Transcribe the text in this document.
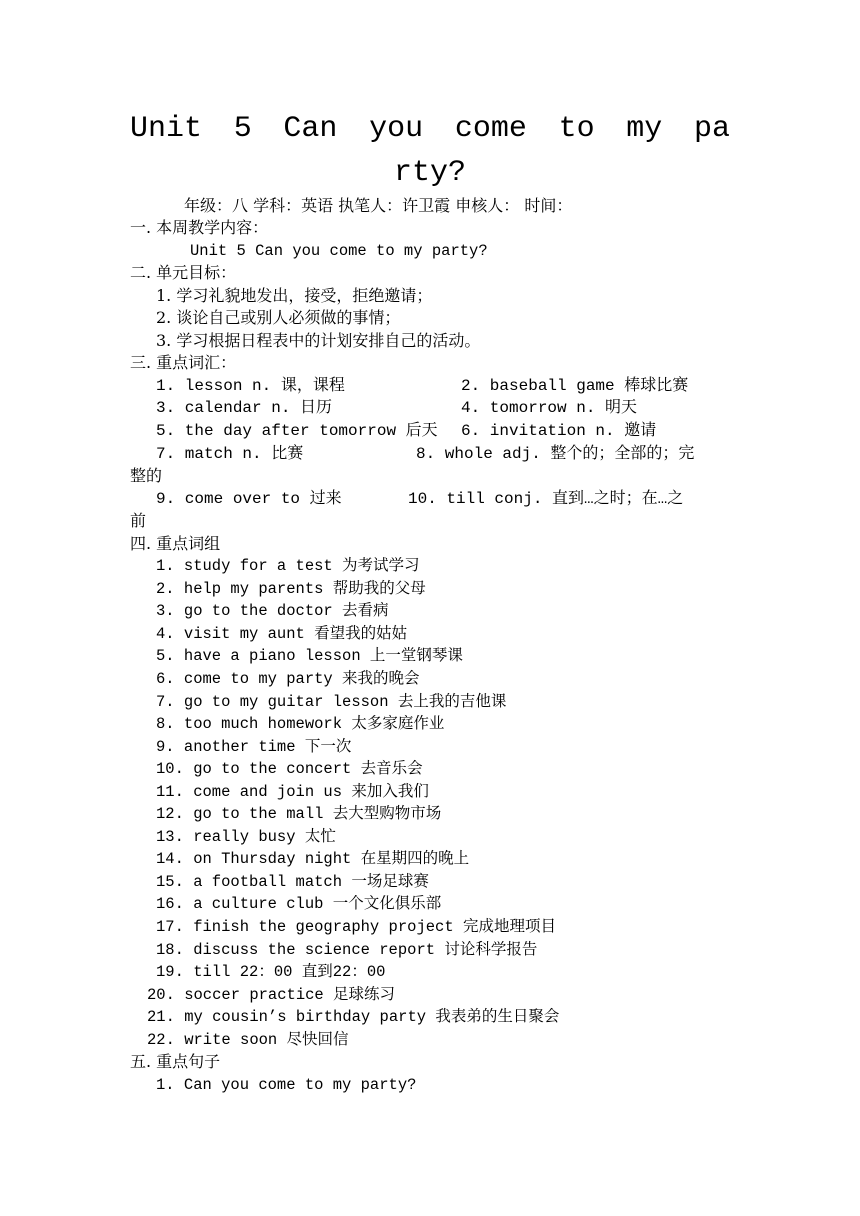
Unit 5 Can you come to my pa
rty?
年级：八 学科：英语 执笔人：许卫霞 申核人： 时间：
一. 本周教学内容：
Unit 5 Can you come to my party?
二. 单元目标：
1. 学习礼貌地发出，接受，拒绝邀请；
2. 谈论自己或别人必须做的事情；
3. 学习根据日程表中的计划安排自己的活动。
三. 重点词汇：
1. lesson n. 课，课程	2. baseball game 棒球比赛
3. calendar n. 日历	4. tomorrow n. 明天
5. the day after tomorrow 后天 6. invitation n. 邀请
7. match n. 比赛	8. whole adj. 整个的；全部的；完
整的
9. come over to 过来	10. till conj. 直到…之时；在…之
前
四. 重点词组
1. study for a test 为考试学习
2. help my parents 帮助我的父母
3. go to the doctor 去看病
4. visit my aunt 看望我的姑姑
5. have a piano lesson 上一堂钢琴课
6. come to my party 来我的晚会
7. go to my guitar lesson 去上我的吉他课
8. too much homework 太多家庭作业
9. another time 下一次
10. go to the concert 去音乐会
11. come and join us 来加入我们
12. go to the mall 去大型购物市场
13. really busy 太忙
14. on Thursday night 在星期四的晚上
15. a football match 一场足球赛
16. a culture club 一个文化俱乐部
17. finish the geography project 完成地理项目
18. discuss the science report 讨论科学报告
19. till 22：00 直到22：00
20. soccer practice 足球练习
21. my cousin’s birthday party 我表弟的生日聚会
22. write soon 尽快回信
五. 重点句子
1. Can you come to my party?
